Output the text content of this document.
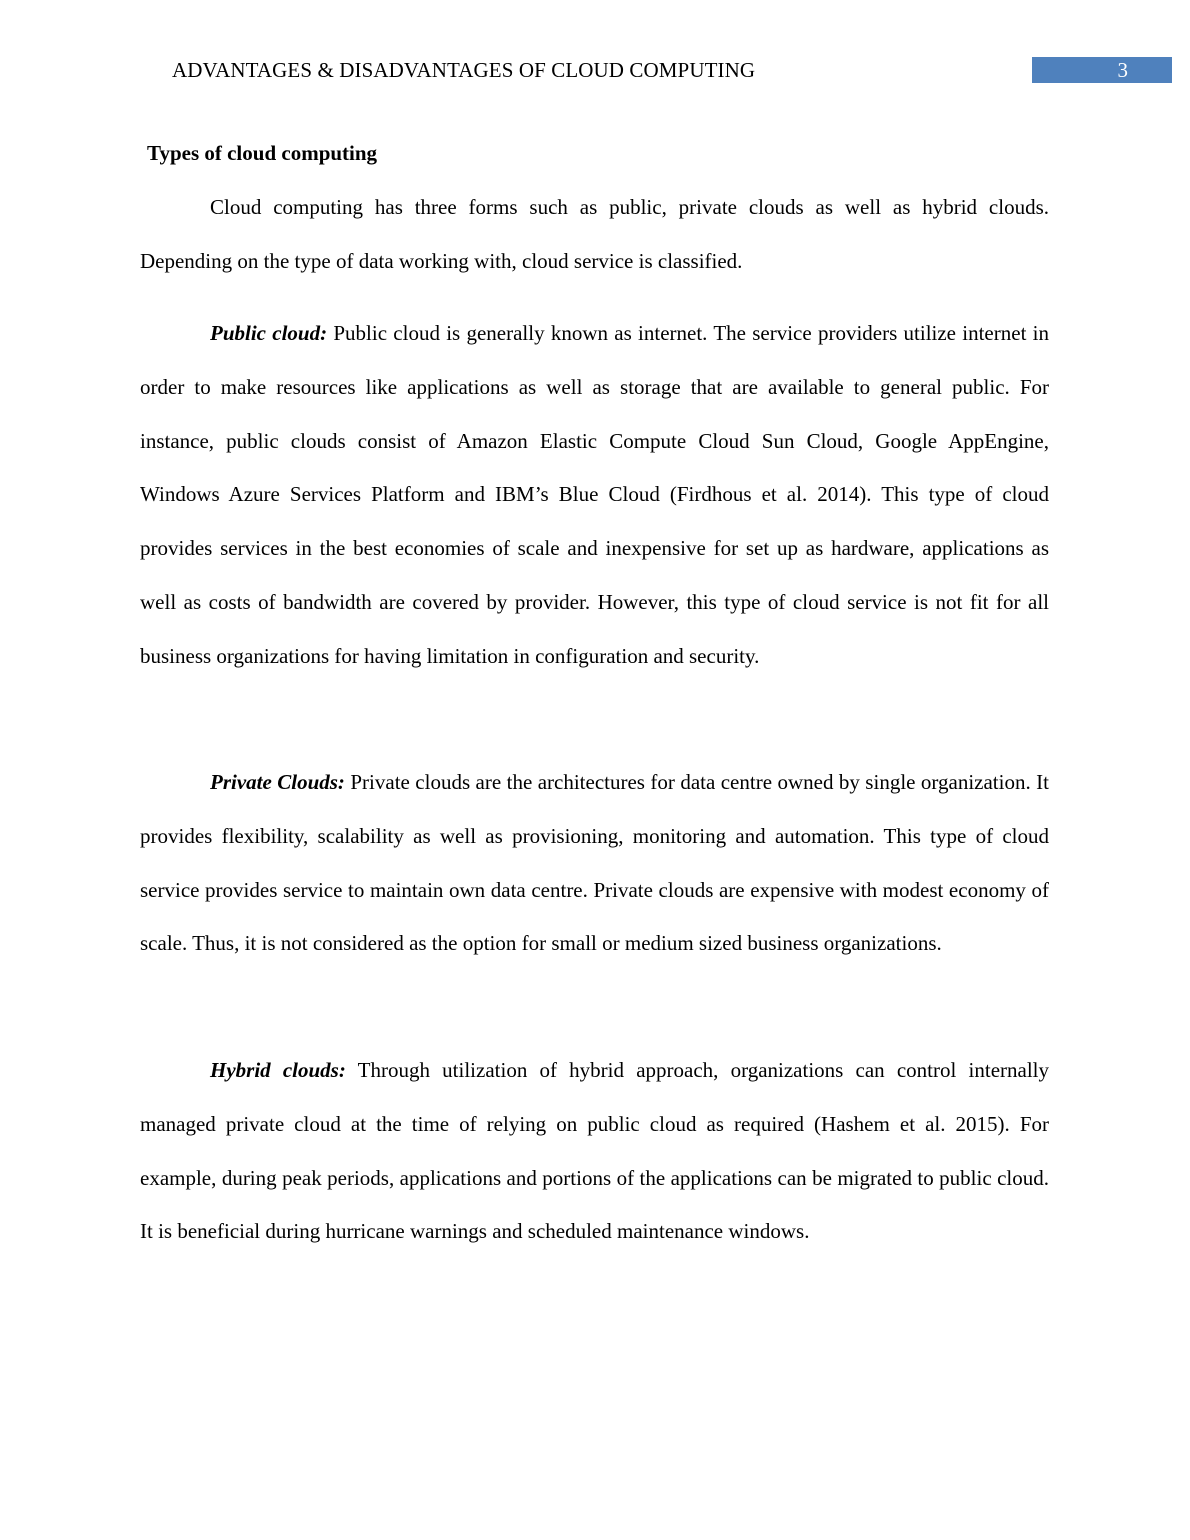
ADVANTAGES & DISADVANTAGES OF CLOUD COMPUTING	3
Types of cloud computing

Cloud computing has three forms such as public, private clouds as well as hybrid clouds. Depending on the type of data working with, cloud service is classified.

Public cloud: Public cloud is generally known as internet. The service providers utilize internet in order to make resources like applications as well as storage that are available to general public. For instance, public clouds consist of Amazon Elastic Compute Cloud Sun Cloud, Google AppEngine, Windows Azure Services Platform and IBM’s Blue Cloud (Firdhous et al. 2014). This type of cloud provides services in the best economies of scale and inexpensive for set up as hardware, applications as well as costs of bandwidth are covered by provider. However, this type of cloud service is not fit for all business organizations for having limitation in configuration and security.

Private Clouds: Private clouds are the architectures for data centre owned by single organization. It provides flexibility, scalability as well as provisioning, monitoring and automation. This type of cloud service provides service to maintain own data centre. Private clouds are expensive with modest economy of scale. Thus, it is not considered as the option for small or medium sized business organizations.

Hybrid clouds: Through utilization of hybrid approach, organizations can control internally managed private cloud at the time of relying on public cloud as required (Hashem et al. 2015). For example, during peak periods, applications and portions of the applications can be migrated to public cloud. It is beneficial during hurricane warnings and scheduled maintenance windows.
